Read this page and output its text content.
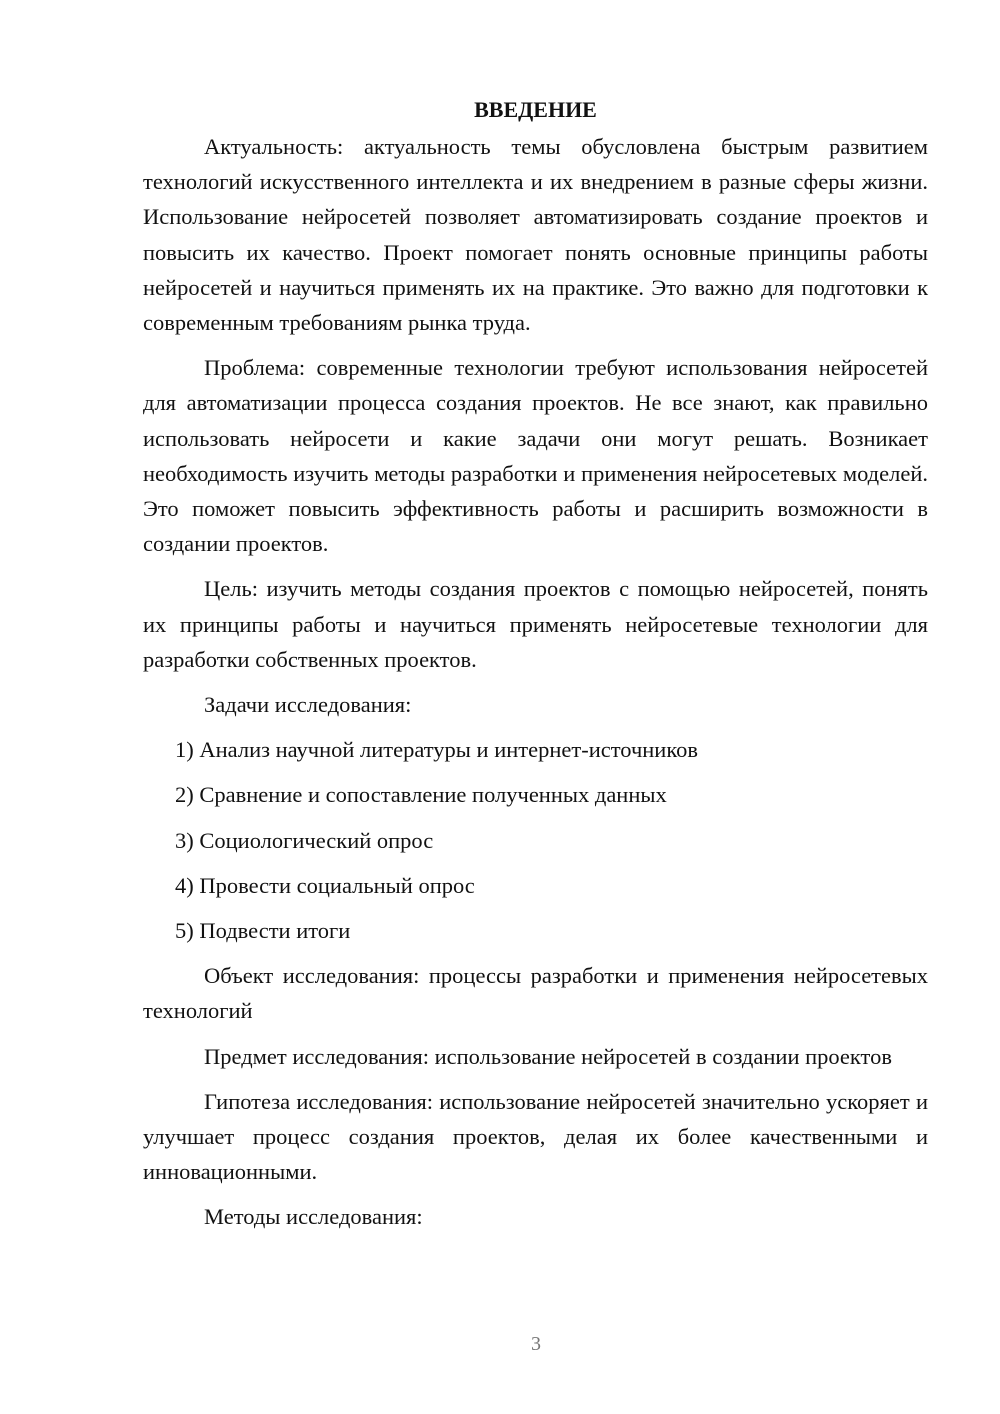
ВВЕДЕНИЕ

Актуальность: актуальность темы обусловлена быстрым развитием технологий искусственного интеллекта и их внедрением в разные сферы жизни. Использование нейросетей позволяет автоматизировать создание проектов и повысить их качество. Проект помогает понять основные принципы работы нейросетей и научиться применять их на практике. Это важно для подготовки к современным требованиям рынка труда.

Проблема: современные технологии требуют использования нейросетей для автоматизации процесса создания проектов. Не все знают, как правильно использовать нейросети и какие задачи они могут решать. Возникает необходимость изучить методы разработки и применения нейросетевых моделей. Это поможет повысить эффективность работы и расширить возможности в создании проектов.

Цель: изучить методы создания проектов с помощью нейросетей, понять их принципы работы и научиться применять нейросетевые технологии для разработки собственных проектов.

Задачи исследования:

1) Анализ научной литературы и интернет-источников
2) Сравнение и сопоставление полученных данных
3) Социологический опрос
4) Провести социальный опрос
5) Подвести итоги

Объект исследования: процессы разработки и применения нейросетевых технологий

Предмет исследования: использование нейросетей в создании проектов

Гипотеза исследования: использование нейросетей значительно ускоряет и улучшает процесс создания проектов, делая их более качественными и инновационными.

Методы исследования:

3
